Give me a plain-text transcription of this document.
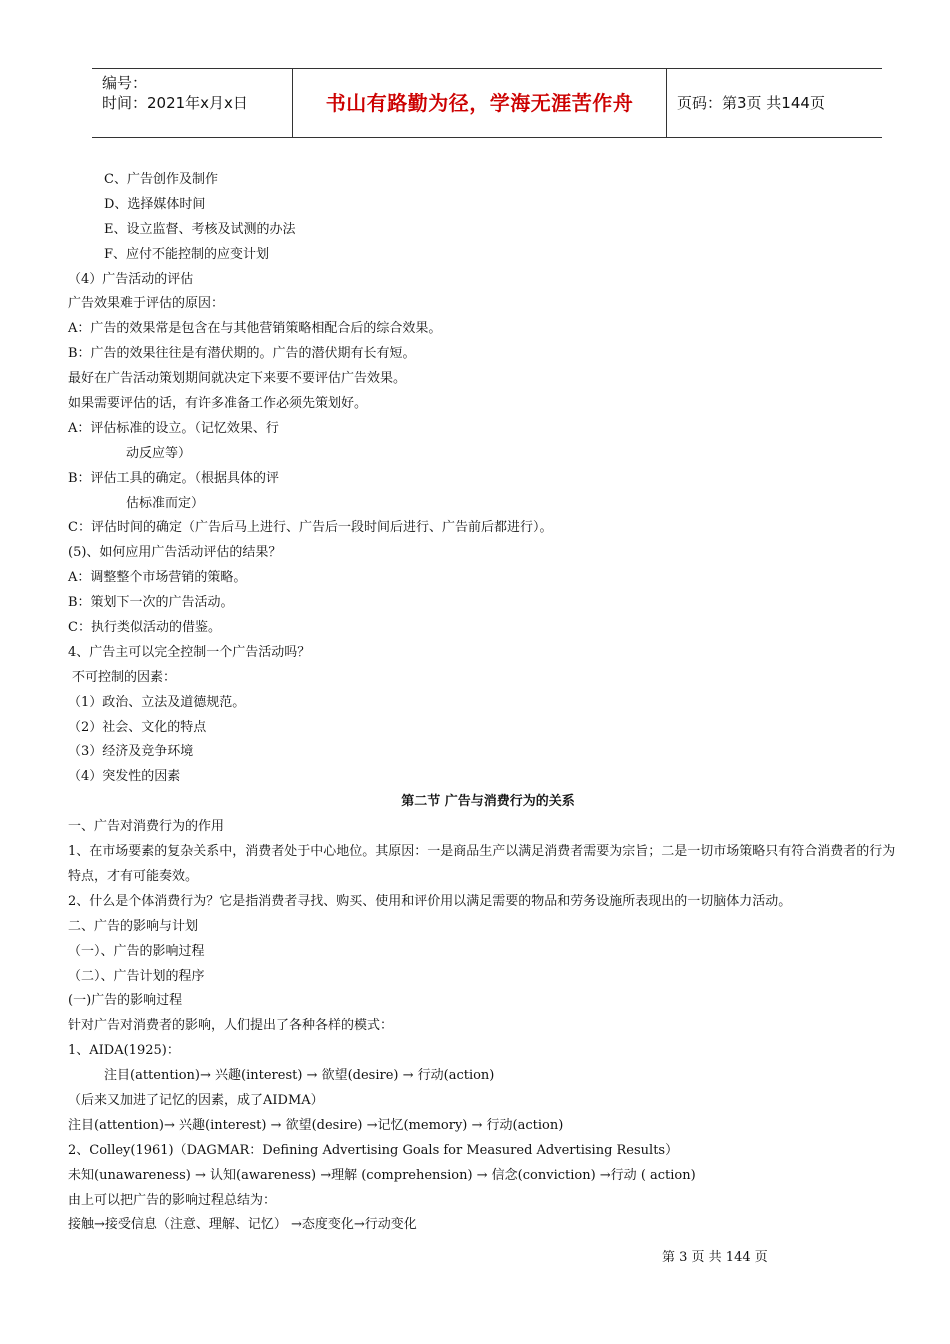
编号：
时间：2021年x月x日	书山有路勤为径，学海无涯苦作舟	页码：第3页 共144页
C、广告创作及制作
D、选择媒体时间
E、设立监督、考核及试测的办法
F、应付不能控制的应变计划
（4）广告活动的评估
广告效果难于评估的原因：
A：广告的效果常是包含在与其他营销策略相配合后的综合效果。
B：广告的效果往往是有潜伏期的。广告的潜伏期有长有短。
最好在广告活动策划期间就决定下来要不要评估广告效果。
如果需要评估的话，有许多准备工作必须先策划好。
A：评估标准的设立。（记忆效果、行
动反应等）
B：评估工具的确定。（根据具体的评
估标准而定）
C：评估时间的确定（广告后马上进行、广告后一段时间后进行、广告前后都进行）。
(5)、如何应用广告活动评估的结果？
A：调整整个市场营销的策略。
B：策划下一次的广告活动。
C：执行类似活动的借鉴。
4、广告主可以完全控制一个广告活动吗？
不可控制的因素：
（1）政治、立法及道德规范。
（2）社会、文化的特点
（3）经济及竞争环境
（4）突发性的因素
第二节 广告与消费行为的关系
一、广告对消费行为的作用
1、在市场要素的复杂关系中，消费者处于中心地位。其原因：一是商品生产以满足消费者需要为宗旨；二是一切市场策略只有符合消费者的行为特点，才有可能奏效。
2、什么是个体消费行为？它是指消费者寻找、购买、使用和评价用以满足需要的物品和劳务设施所表现出的一切脑体力活动。
二、广告的影响与计划
（一）、广告的影响过程
（二）、广告计划的程序
(一)广告的影响过程
针对广告对消费者的影响，人们提出了各种各样的模式：
1、AIDA(1925)：
注目(attention)→ 兴趣(interest) → 欲望(desire) → 行动(action)
（后来又加进了记忆的因素，成了AIDMA）
注目(attention)→ 兴趣(interest) → 欲望(desire) →记忆(memory) → 行动(action)
2、Colley(1961)（DAGMAR：Defining Advertising Goals for Measured Advertising Results）
未知(unawareness) → 认知(awareness) →理解 (comprehension) → 信念(conviction) →行动 ( action)
由上可以把广告的影响过程总结为：
接触→接受信息（注意、理解、记忆） →态度变化→行动变化
第 3 页 共 144 页
